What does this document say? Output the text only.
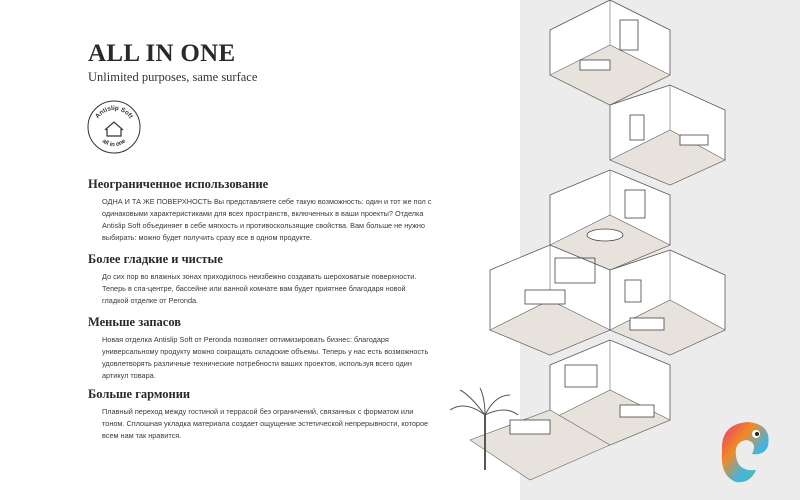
ALL IN ONE

Unlimited purposes, same surface

Antislip Soft
all in one
Неограниченное использование

ОДНА И ТА ЖЕ ПОВЕРХНОСТЬ Вы представляете себе такую возможность: один и тот же пол с одинаковыми характеристиками для всех пространств, включенных в ваши проекты? Отделка Antislip Soft объединяет в себе мягкость и противоскользящие свойства. Вам больше не нужно выбирать: можно будет получить сразу все в одном продукте.

Более гладкие и чистые

До сих пор во влажных зонах приходилось неизбежно создавать шероховатые поверхности. Теперь в спа-центре, бассейне или ванной комнате вам будет приятнее благодаря новой гладкой отделке от Peronda.

Меньше запасов

Новая отделка Antislip Soft от Peronda позволяет оптимизировать бизнес: благодаря универсальному продукту можно сокращать складские объемы. Теперь у нас есть возможность удовлетворять различные технические потребности ваших проектов, используя всего один артикул товара.

Больше гармонии

Плавный переход между гостиной и террасой без ограничений, связанных с форматом или тоном. Сплошная укладка материала создает ощущение эстетической непрерывности, которое всем нам так нравится.
